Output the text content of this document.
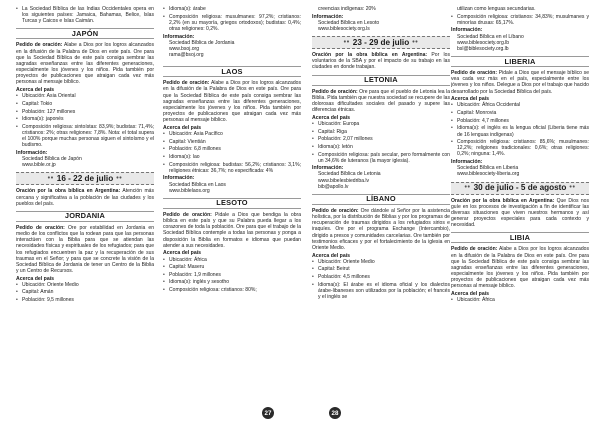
• La Sociedad Bíblica de las Indias Occidentales opera en los siguientes países: Jamaica, Bahamas, Belice, Islas Turcas y Caicos e Islas Caimán.

JAPÓN

Pedido de oración: Alabe a Dios por los logros alcanzados en la difusión de la Palabra de Dios en este país. Ore para que la Sociedad Bíblica de este país consiga sembrar las sagradas enseñanzas entre las diferentes generaciones, especialmente los jóvenes y los niños. Pida también por proyectos de publicaciones que atraigan cada vez más personas al mensaje bíblico.

Acerca del país

• Ubicación: Asia Oriental

• Capital: Tokio

• Población: 127 millones

• Idioma(s): japonés

• Composición religiosa: sintoístas: 83,9%; budistas: 71,4%; cristianos: 2%; otras religiones: 7,8%. Nota: el total supera el 100% porque muchas personas siguen el sintoísmo y el budismo.

Información:
Sociedad Bíblica de Japón
www.bible.or.jp
•• 16 - 22 de julio ••

Oración por la obra bíblica en Argentina: Atención más cercana y significativa a la población de las ciudades y los pueblos del país.

JORDANIA

Pedido de oración: Ore por estabilidad en Jordania en medio de los conflictos que la rodean para que las personas interactúen con la Biblia para que se atiendan las necesidades físicas y espirituales de los refugiados; para que los refugiados encuentren la paz y la recuperación de sus traumas en el Señor; y para que se concrete la visión de la Sociedad Bíblica de Jordania de tener un Centro de la Biblia y un Centro de Recursos.

Acerca del país

• Ubicación: Oriente Medio

• Capital: Amán

• Población: 9,5 millones

• Idioma(s): árabe

• Composición religiosa: musulmanes: 97,2%; cristianos: 2,2% (en su mayoría, griegos ortodoxos); budistas: 0,4%; otras religiones: 0,2%.

Información:
Sociedad Bíblica de Jordania
www.bsoj.org
rama@bsoj.org
LAOS

Pedido de oración: Alabe a Dios por los logros alcanzados en la difusión de la Palabra de Dios en este país. Ore para que la Sociedad Bíblica de este país consiga sembrar las sagradas enseñanzas entre las diferentes generaciones, especialmente los jóvenes y los niños. Pida también por proyectos de publicaciones que atraigan cada vez más personas al mensaje bíblico.

Acerca del país

• Ubicación: Asia Pacífico

• Capital: Vientián

• Población: 6,8 millones

• Idioma(s): lao

• Composición religiosa: budistas: 56,2%; cristianos: 3,1%; religiones étnicas: 36,7%; no especificada: 4%

Información:
Sociedad Bíblica en Laos
www.biblelaos.org
LESOTO

Pedido de oración: Pidale a Dios que bendiga la obra bíblica en este país y que su Palabra pueda llegar a los corazones de toda la población. Ore para que el trabajo de la Sociedad Bíblica contemple a todas las personas y ponga a disposición la Biblia en formatos e idiomas que puedan atender a sus necesidades.

Acerca del país

• Ubicación: África

• Capital: Maseru

• Población: 1,9 millones

• Idioma(s): inglés y sesotho

• Composición religiosa: cristianos: 80%;

27

creencias indígenas: 20%

Información:
Sociedad Bíblica en Lesoto
www.biblesociety.org.ls
•• 23 - 29 de julio ••

Oración por la obra bíblica en Argentina: Por los voluntarios de la SBA y por el impacto de su trabajo en las ciudades en donde trabajan.

LETONIA

Pedido de oración: Ore para que el pueblo de Letonia lea la Biblia. Pida también que nuestra sociedad se recupere de las dolorosas dificultades sociales del pasado y supere las diferencias étnicas.

Acerca del país

• Ubicación: Europa

• Capital: Riga

• Población: 2,07 millones

• Idioma(s): letón

• Composición religiosa: país secular, pero formalmente con un 34,6% de luteranos (la mayor iglesia).

Información:
Sociedad Bíblica de Letonia
www.bibelesbiedriba.lv
bib@apollo.lv
LÍBANO

Pedido de oración: Ore dándole al Señor por la asistencia holística, por la distribución de Biblias y por los programas de recuperación de traumas dirigidos a los refugiados sirios e iraquíes. Ore por el programa Exchange (Intercambio), dirigido a presos y comunidades carcelarias. Ore también por testimonios eficaces y por el fortalecimiento de la iglesia en Oriente Medio.

Acerca del país

• Ubicación: Oriente Medio

• Capital: Beirut

• Población: 4,5 millones

• Idioma(s): El árabe es el idioma oficial y los dialectos árabe-libaneses son utilizados por la población; el francés y el inglés se

utilizan como lenguas secundarias.

• Composición religiosa: cristianos: 34,83%; musulmanes y minorías drusas: 65,17%.

Información:
Sociedad Bíblica en el Líbano
www.biblesociety.org.lb
bsl@biblesociety.org.lb
LIBERIA

Pedido de oración: Pidale a Dios que el mensaje bíblico se vea cada vez más en el país, especialmente entre los jóvenes y los niños. Delegue a Dios por el trabajo que hacido desarrollado por la Sociedad Bíblica del país.

Acerca del país

• Ubicación: África Occidental

• Capital: Monrovia

• Población: 4,7 millones

• Idioma(s): el inglés es la lengua oficial (Liberia tiene más de 16 lenguas indígenas)

• Composición religiosa: cristianos: 85,6%; musulmanes: 12,2%; religiones tradicionales: 0,6%; otras religiones: 0,2%; ninguna: 1,4%.

Información:
Sociedad Bíblica en Liberia
www.biblesociety-liberia.org
•• 30 de julio - 5 de agosto ••

Oración por la obra bíblica en Argentina: Que Dios nos guíe en los procesos de investigación a fin de identificar las diversas situaciones que viven nuestros hermanos y así generar proyectos especiales para cada contexto y necesidad.

LIBIA

Pedido de oración: Alabe a Dios por los logros alcanzados en la difusión de la Palabra de Dios en este país. Ore para que la Sociedad Bíblica de este país consiga sembrar las sagradas enseñanzas entre las diferentes generaciones, especialmente los jóvenes y los niños. Pida también por proyectos de publicaciones que atraigan cada vez más personas al mensaje bíblico.

Acerca del país

• Ubicación: África

28
